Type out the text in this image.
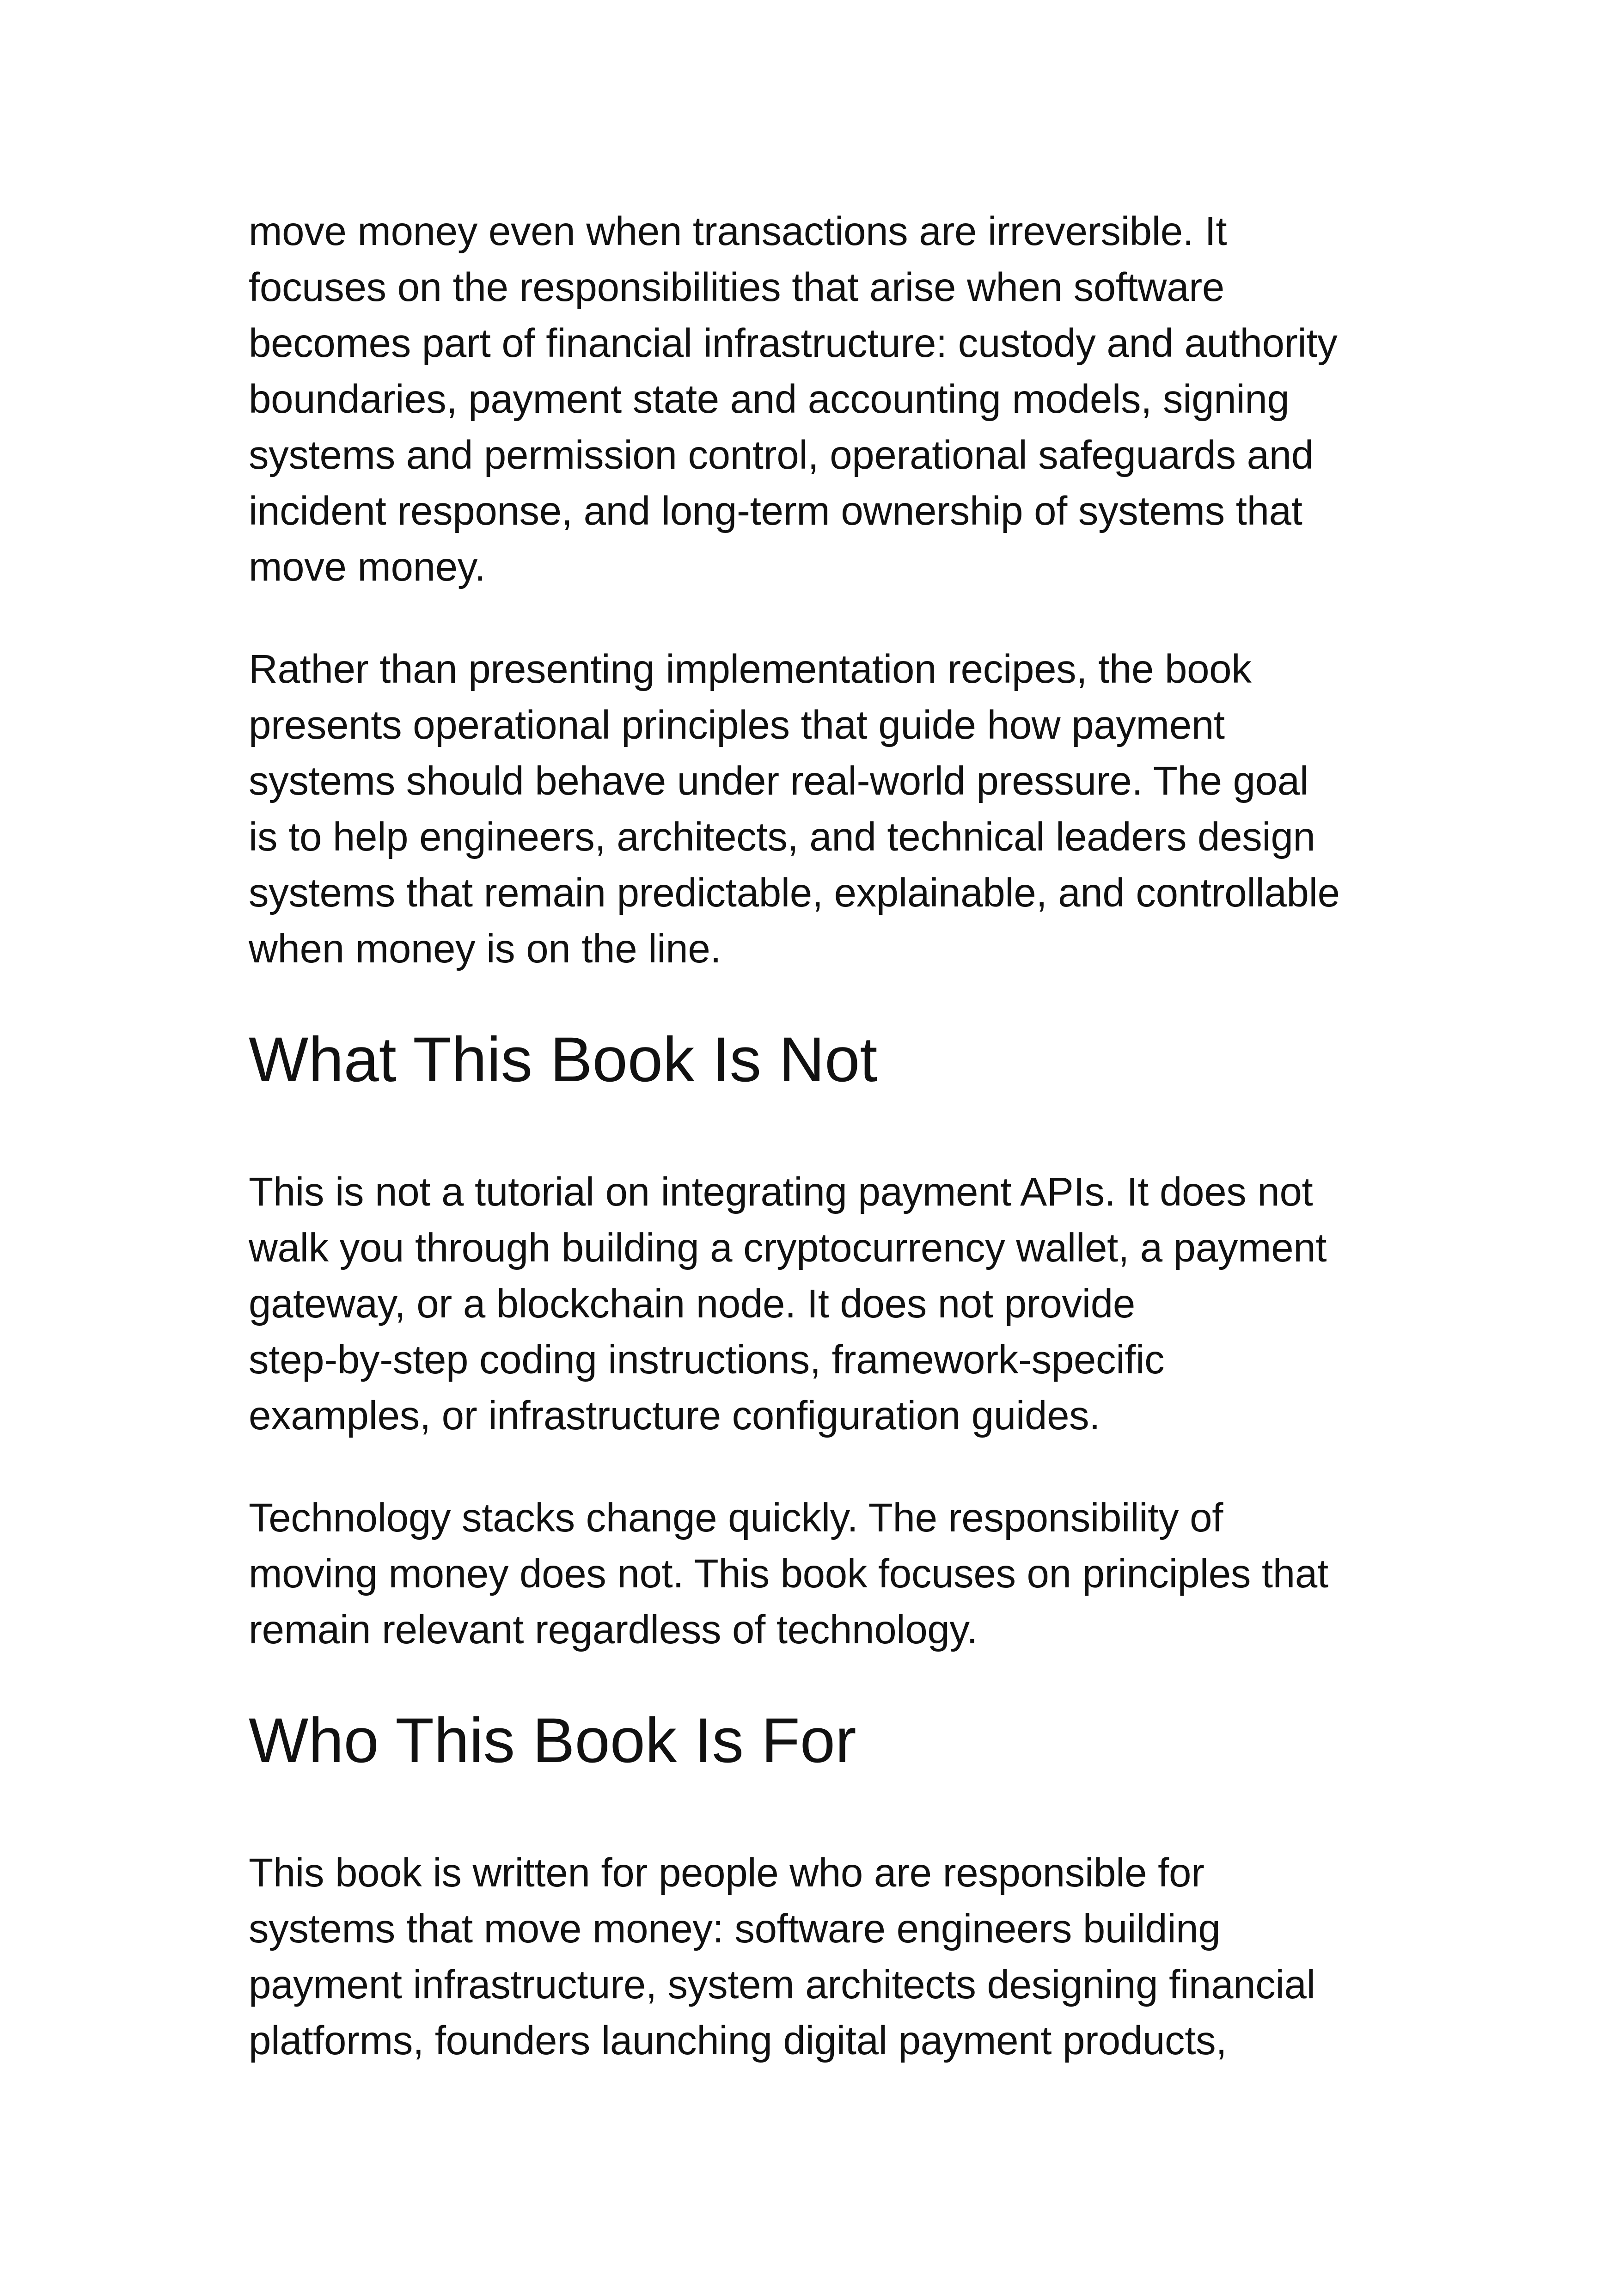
move money even when transactions are irreversible. It
focuses on the responsibilities that arise when software
becomes part of financial infrastructure: custody and authority
boundaries, payment state and accounting models, signing
systems and permission control, operational safeguards and
incident response, and long-term ownership of systems that
move money.
Rather than presenting implementation recipes, the book
presents operational principles that guide how payment
systems should behave under real-world pressure. The goal
is to help engineers, architects, and technical leaders design
systems that remain predictable, explainable, and controllable
when money is on the line.
What This Book Is Not
This is not a tutorial on integrating payment APIs. It does not
walk you through building a cryptocurrency wallet, a payment
gateway, or a blockchain node. It does not provide
step-by-step coding instructions, framework-specific
examples, or infrastructure configuration guides.
Technology stacks change quickly. The responsibility of
moving money does not. This book focuses on principles that
remain relevant regardless of technology.
Who This Book Is For
This book is written for people who are responsible for
systems that move money: software engineers building
payment infrastructure, system architects designing financial
platforms, founders launching digital payment products,
